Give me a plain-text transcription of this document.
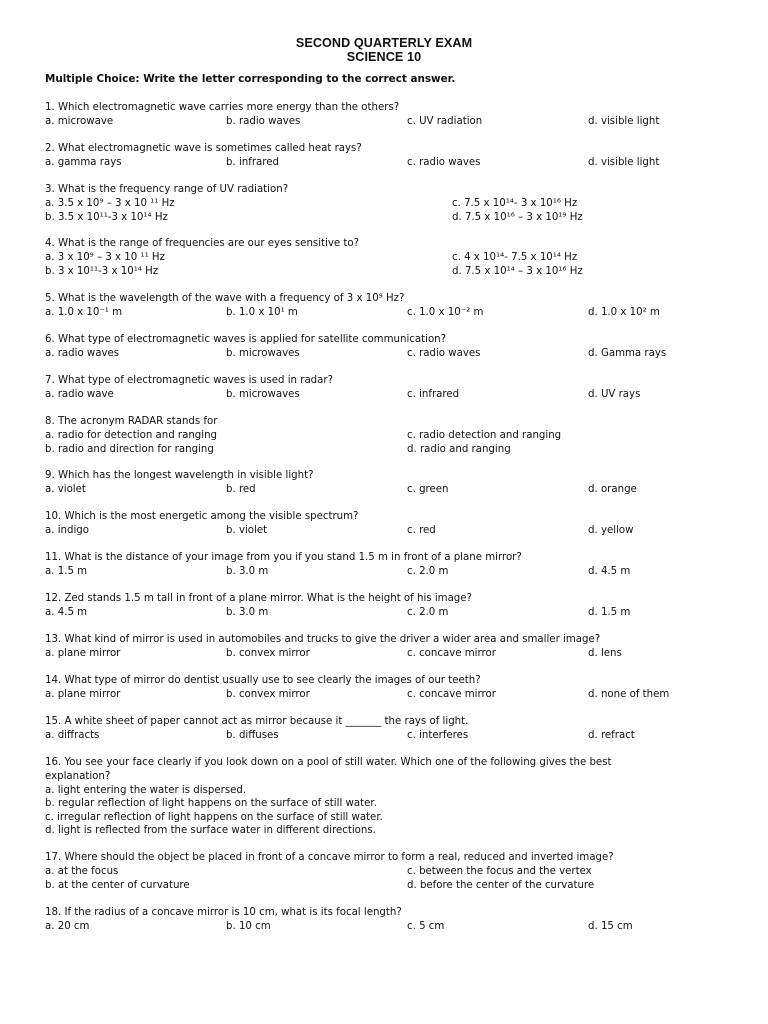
SECOND QUARTERLY EXAM
SCIENCE 10
Multiple Choice: Write the letter corresponding to the correct answer.
1. Which electromagnetic wave carries more energy than the others?
a. microwave	b. radio waves	c. UV radiation	d. visible light
2. What electromagnetic wave is sometimes called heat rays?
a. gamma rays	b. infrared	c. radio waves	d. visible light
3. What is the frequency range of UV radiation?
a. 3.5 x 10⁹ – 3 x 10 ¹¹ Hz	c. 7.5 x 10¹⁴- 3 x 10¹⁶ Hz
b. 3.5 x 10¹¹-3 x 10¹⁴ Hz	d. 7.5 x 10¹⁶ – 3 x 10¹⁹ Hz
4. What is the range of frequencies are our eyes sensitive to?
a. 3 x 10⁹ – 3 x 10 ¹¹ Hz	c. 4 x 10¹⁴- 7.5 x 10¹⁴ Hz
b. 3 x 10¹¹-3 x 10¹⁴ Hz	d. 7.5 x 10¹⁴ – 3 x 10¹⁶ Hz
5. What is the wavelength of the wave with a frequency of 3 x 10⁹ Hz?
a. 1.0 x 10⁻¹ m	b. 1.0 x 10¹ m	c. 1.0 x 10⁻² m	d. 1.0 x 10² m
6. What type of electromagnetic waves is applied for satellite communication?
a. radio waves	b. microwaves	c. radio waves	d. Gamma rays
7. What type of electromagnetic waves is used in radar?
a. radio wave	b. microwaves	c. infrared	d. UV rays
8. The acronym RADAR stands for
a. radio for detection and ranging	c. radio detection and ranging
b. radio and direction for ranging	d. radio and ranging
9. Which has the longest wavelength in visible light?
a. violet	b. red	c. green	d. orange
10. Which is the most energetic among the visible spectrum?
a. indigo	b. violet	c. red	d. yellow
11. What is the distance of your image from you if you stand 1.5 m in front of a plane mirror?
a. 1.5 m	b. 3.0 m	c. 2.0 m	d. 4.5 m
12. Zed stands 1.5 m tall in front of a plane mirror. What is the height of his image?
a. 4.5 m	b. 3.0 m	c. 2.0 m	d. 1.5 m
13. What kind of mirror is used in automobiles and trucks to give the driver a wider area and smaller image?
a. plane mirror	b. convex mirror	c. concave mirror	d. lens
14. What type of mirror do dentist usually use to see clearly the images of our teeth?
a. plane mirror	b. convex mirror	c. concave mirror	d. none of them
15. A white sheet of paper cannot act as mirror because it _______ the rays of light.
a. diffracts	b. diffuses	c. interferes	d. refract
16. You see your face clearly if you look down on a pool of still water. Which one of the following gives the best explanation?
a. light entering the water is dispersed.
b. regular reflection of light happens on the surface of still water.
c. irregular reflection of light happens on the surface of still water.
d. light is reflected from the surface water in different directions.
17. Where should the object be placed in front of a concave mirror to form a real, reduced and inverted image?
a. at the focus	c. between the focus and the vertex
b. at the center of curvature	d. before the center of the curvature
18. If the radius of a concave mirror is 10 cm, what is its focal length?
a. 20 cm	b. 10 cm	c. 5 cm	d. 15 cm
